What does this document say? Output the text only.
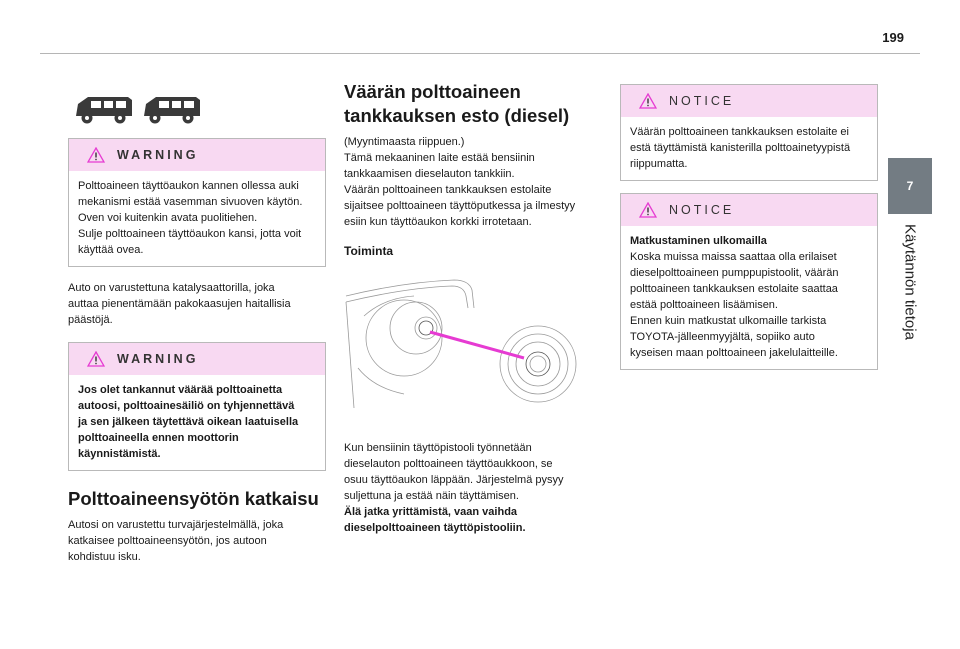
199
7
Käytännön tietoja
WARNING

Polttoaineen täyttöaukon kannen ollessa auki

mekanismi estää vasemman sivuoven käytön.

Oven voi kuitenkin avata puolitiehen.

Sulje polttoaineen täyttöaukon kansi, jotta voit

käyttää ovea.

Auto on varustettuna katalysaattorilla, joka

auttaa pienentämään pakokaasujen haitallisia

päästöjä.

WARNING

Jos olet tankannut väärää polttoainetta

autoosi, polttoainesäiliö on tyhjennettävä

ja sen jälkeen täytettävä oikean laatuisella

polttoaineella ennen moottorin

käynnistämistä.

Polttoaineensyötön katkaisu

Autosi on varustettu turvajärjestelmällä, joka

katkaisee polttoaineensyötön, jos autoon

kohdistuu isku.

Väärän polttoaineen
tankkauksen esto (diesel)

(Myyntimaasta riippuen.)

Tämä mekaaninen laite estää bensiinin

tankkaamisen dieselauton tankkiin.

Väärän polttoaineen tankkauksen estolaite

sijaitsee polttoaineen täyttöputkessa ja ilmestyy

esiin kun täyttöaukon korkki irrotetaan.

Toiminta

Kun bensiinin täyttöpistooli työnnetään

dieselauton polttoaineen täyttöaukkoon, se

osuu täyttöaukon läppään. Järjestelmä pysyy

suljettuna ja estää näin täyttämisen.

Älä jatka yrittämistä, vaan vaihda

dieselpolttoaineen täyttöpistooliin.

NOTICE

Väärän polttoaineen tankkauksen estolaite ei

estä täyttämistä kanisterilla polttoainetyypistä

riippumatta.

NOTICE

Matkustaminen ulkomailla

Koska muissa maissa saattaa olla erilaiset

dieselpolttoaineen pumppupistoolit, väärän

polttoaineen tankkauksen estolaite saattaa

estää polttoaineen lisäämisen.

Ennen kuin matkustat ulkomaille tarkista

TOYOTA-jälleenmyyjältä, sopiiko auto

kyseisen maan polttoaineen jakelulaitteille.
